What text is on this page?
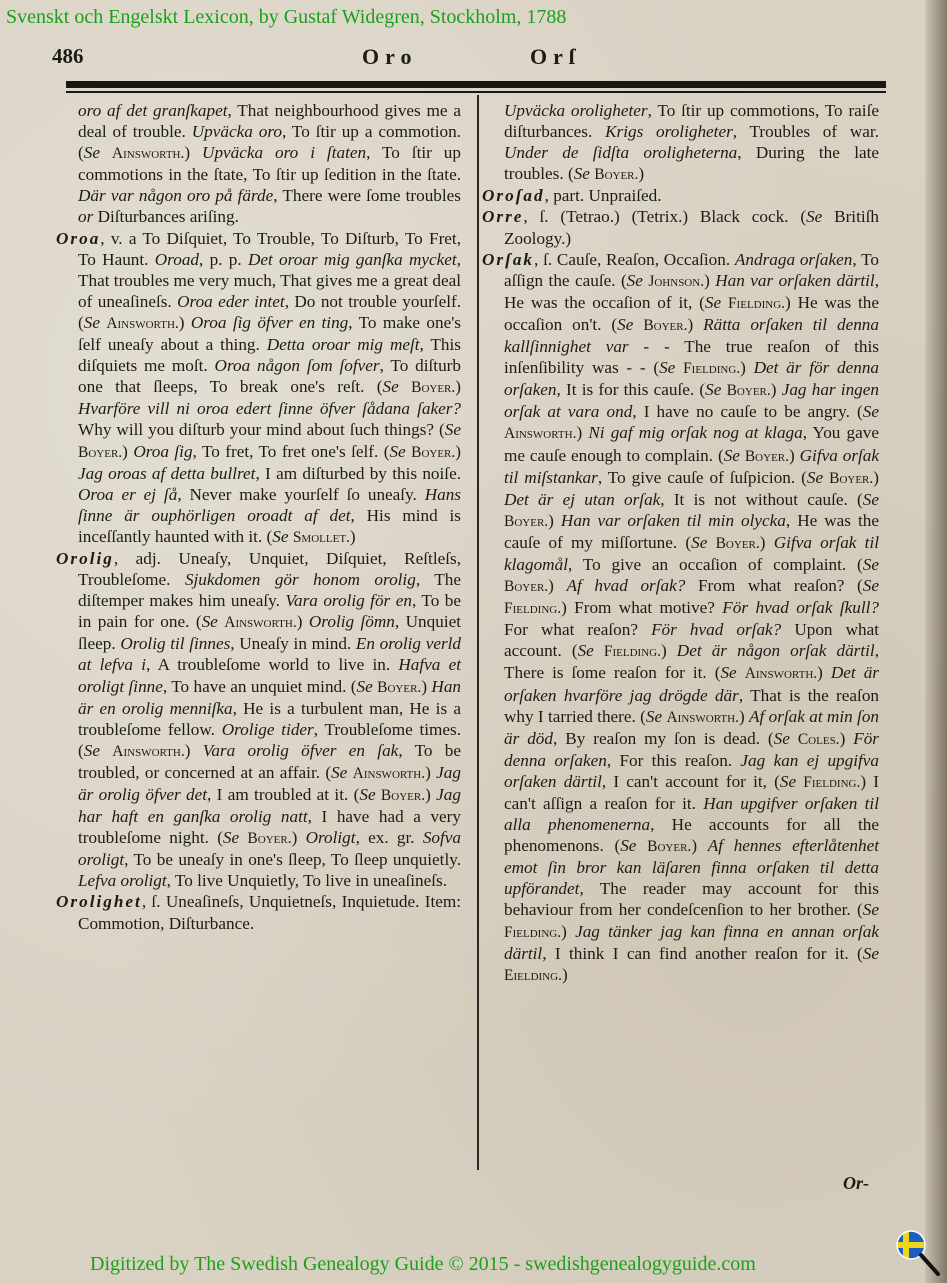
Svenskt och Engelskt Lexicon, by Gustaf Widegren, Stockholm, 1788
486	Oro	Orſ

oro af det granſkapet, That neighbourhood gives me a deal of trouble. Upväcka oro, To ſtir up a commotion. (Se Ainsworth.) Upväcka oro i ſtaten, To ſtir up commotions in the ſtate, To ſtir up ſedition in the ſtate. Där var någon oro på färde, There were ſome troubles or Diſturbances ariſing.

Oroa, v. a To Diſquiet, To Trouble, To Diſturb, To Fret, To Haunt. Oroad, p. p. Det oroar mig ganſka mycket, That troubles me very much, That gives me a great deal of uneaſineſs. Oroa eder intet, Do not trouble yourſelf. (Se Ainsworth.) Oroa ſig öfver en ting, To make one's ſelf uneaſy about a thing. Detta oroar mig meſt, This diſquiets me moſt. Oroa någon ſom ſofver, To diſturb one that ſleeps, To break one's reſt. (Se Boyer.) Hvarföre vill ni oroa edert ſinne öfver ſådana ſaker? Why will you diſturb your mind about ſuch things? (Se Boyer.) Oroa ſig, To fret, To fret one's ſelf. (Se Boyer.) Jag oroas af detta bullret, I am diſturbed by this noiſe. Oroa er ej ſå, Never make yourſelf ſo uneaſy. Hans ſinne är ouphörligen oroadt af det, His mind is inceſſantly haunted with it. (Se Smollet.)

Orolig, adj. Uneaſy, Unquiet, Diſquiet, Reſtleſs, Troubleſome. Sjukdomen gör honom orolig, The diſtemper makes him uneaſy. Vara orolig för en, To be in pain for one. (Se Ainsworth.) Orolig ſömn, Unquiet ſleep. Orolig til ſinnes, Uneaſy in mind. En orolig verld at lefva i, A troubleſome world to live in. Hafva et oroligt ſinne, To have an unquiet mind. (Se Boyer.) Han är en orolig menniſka, He is a turbulent man, He is a troubleſome fellow. Orolige tider, Troubleſome times. (Se Ainsworth.) Vara orolig öfver en ſak, To be troubled, or concerned at an affair. (Se Ainsworth.) Jag är orolig öfver det, I am troubled at it. (Se Boyer.) Jag har haft en ganſka orolig natt, I have had a very troubleſome night. (Se Boyer.) Oroligt, ex. gr. Sofva oroligt, To be uneaſy in one's ſleep, To ſleep unquietly. Lefva oroligt, To live Unquietly, To live in uneaſineſs.

Orolighet, ſ. Uneaſineſs, Unquietneſs, Inquietude. Item: Commotion, Diſturbance.

Upväcka oroligheter, To ſtir up commotions, To raiſe diſturbances. Krigs oroligheter, Troubles of war. Under de ſidſta oroligheterna, During the late troubles. (Se Boyer.)

Oroſad, part. Unpraiſed.

Orre, ſ. (Tetrao.) (Tetrix.) Black cock. (Se Britiſh Zoology.)

Orſak, ſ. Cauſe, Reaſon, Occaſion. Andraga orſaken, To aſſign the cauſe. (Se Johnson.) Han var orſaken därtil, He was the occaſion of it, (Se Fielding.) He was the occaſion on't. (Se Boyer.) Rätta orſaken til denna kallſinnighet var - - The true reaſon of this inſenſibility was - - (Se Fielding.) Det är för denna orſaken, It is for this cauſe. (Se Boyer.) Jag har ingen orſak at vara ond, I have no cauſe to be angry. (Se Ainsworth.) Ni gaf mig orſak nog at klaga, You gave me cauſe enough to complain. (Se Boyer.) Gifva orſak til miſstankar, To give cauſe of ſuſpicion. (Se Boyer.) Det är ej utan orſak, It is not without cauſe. (Se Boyer.) Han var orſaken til min olycka, He was the cauſe of my miſſortune. (Se Boyer.) Gifva orſak til klagomål, To give an occaſion of complaint. (Se Boyer.) Af hvad orſak? From what reaſon? (Se Fielding.) From what motive? För hvad orſak ſkull? For what reaſon? För hvad orſak? Upon what account. (Se Fielding.) Det är någon orſak därtil, There is ſome reaſon for it. (Se Ainsworth.) Det är orſaken hvarföre jag drögde där, That is the reaſon why I tarried there. (Se Ainsworth.) Af orſak at min ſon är död, By reaſon my ſon is dead. (Se Coles.) För denna orſaken, For this reaſon. Jag kan ej upgifva orſaken därtil, I can't account for it, (Se Fielding.) I can't aſſign a reaſon for it. Han upgifver orſaken til alla phenomenerna, He accounts for all the phenomenons. (Se Boyer.) Af hennes efterlåtenhet emot ſin bror kan läſaren finna orſaken til detta upförandet, The reader may account for this behaviour from her condeſcenſion to her brother. (Se Fielding.) Jag tänker jag kan finna en annan orſak därtil, I think I can find another reaſon for it. (Se Eielding.)

Or-
Digitized by The Swedish Genealogy Guide © 2015 - swedishgenealogyguide.com
